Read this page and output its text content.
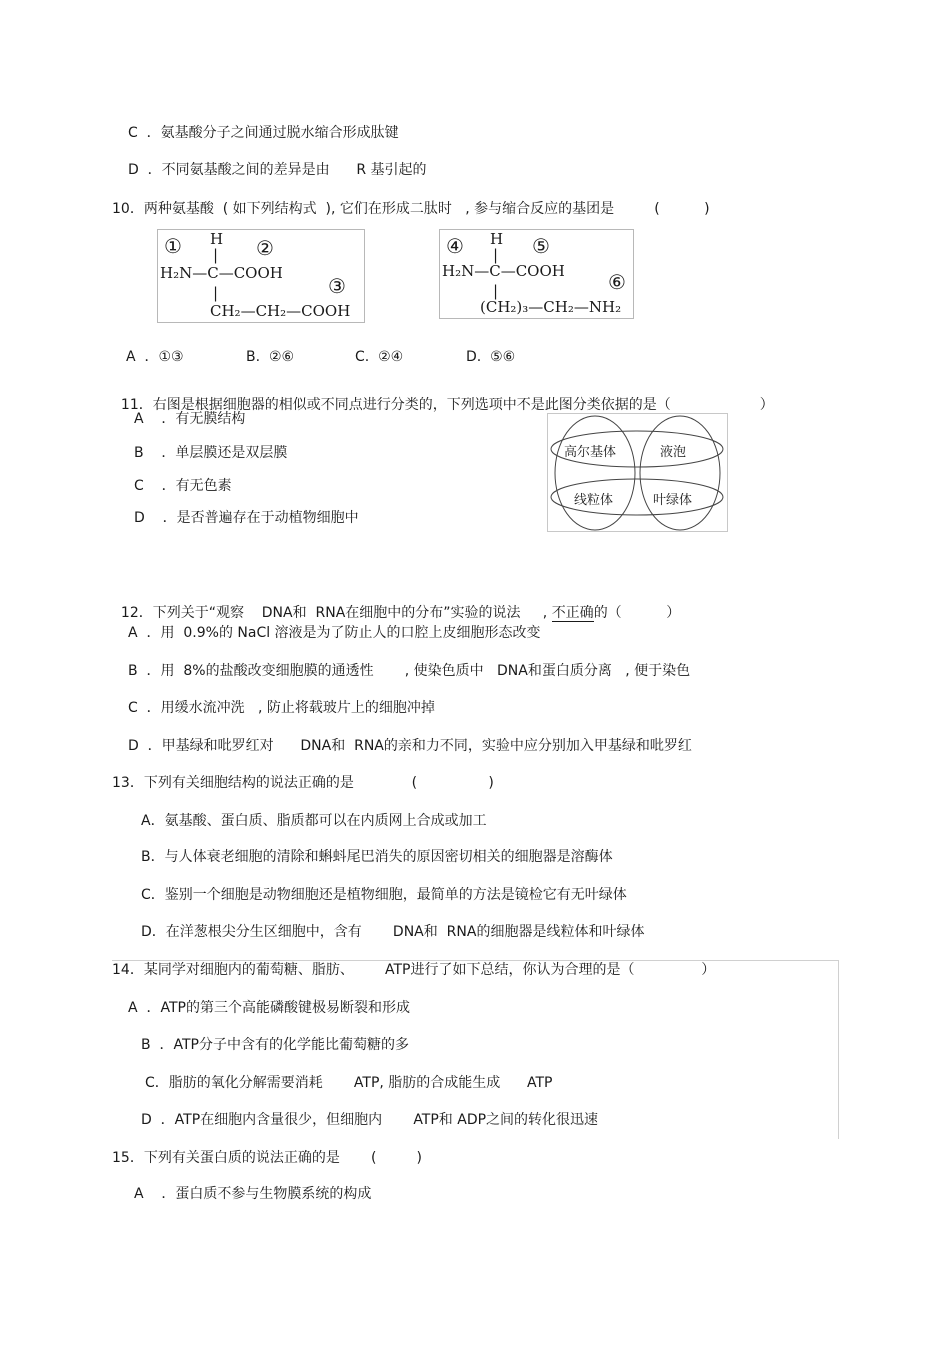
C  ．氨基酸分子之间通过脱水缩合形成肽键
D  ．不同氨基酸之间的差异是由      R 基引起的
10．两种氨基酸  ( 如下列结构式  ), 它们在形成二肽时   , 参与缩合反应的基团是         (          )
① H
| ②
H₂N—C—COOH
|	③
CH₂—CH₂—COOH
④ H
| ⑤
H₂N—C—COOH
|	⑥
(CH₂)₃—CH₂—NH₂
A  ．①③	B.  ②⑥	C.  ②④	D.  ⑤⑥

11．右图是根据细胞器的相似或不同点进行分类的，下列选项中不是此图分类依据的是（                    ）

A    ．有无膜结构
B    ．单层膜还是双层膜
C    ．有无色素
D    ．是否普遍存在于动植物细胞中
高尔基体	液泡
线粒体	叶绿体

12．下列关于“观察    DNA和  RNA在细胞中的分布”实验的说法     , 不正确的（          ）

A  ．用  0.9%的 NaCl 溶液是为了防止人的口腔上皮细胞形态改变
B  ．用  8%的盐酸改变细胞膜的通透性       , 使染色质中   DNA和蛋白质分离   , 便于染色
C  ．用缓水流冲洗   , 防止将载玻片上的细胞冲掉
D  ．甲基绿和吡罗红对      DNA和  RNA的亲和力不同，实验中应分别加入甲基绿和吡罗红
13．下列有关细胞结构的说法正确的是             (                )
A．氨基酸、蛋白质、脂质都可以在内质网上合成或加工
B．与人体衰老细胞的清除和蝌蚪尾巴消失的原因密切相关的细胞器是溶酶体
C．鉴别一个细胞是动物细胞还是植物细胞，最简单的方法是镜检它有无叶绿体
D．在洋葱根尖分生区细胞中，含有       DNA和  RNA的细胞器是线粒体和叶绿体
14．某同学对细胞内的葡萄糖、脂肪、       ATP进行了如下总结，你认为合理的是（               ）
A  ．ATP的第三个高能磷酸键极易断裂和形成
B  ．ATP分子中含有的化学能比葡萄糖的多
C．脂肪的氧化分解需要消耗       ATP, 脂肪的合成能生成      ATP
D  ．ATP在细胞内含量很少，但细胞内       ATP和 ADP之间的转化很迅速
15．下列有关蛋白质的说法正确的是       (         )
A    ．蛋白质不参与生物膜系统的构成
